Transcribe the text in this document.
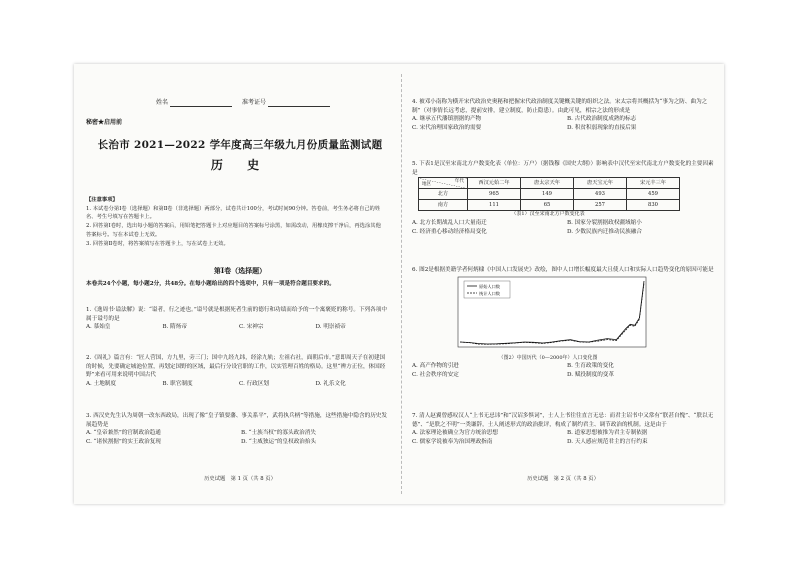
姓名	准考证号
秘密★启用前
长治市 2021—2022 学年度高三年级九月份质量监测试题
历 史

【注意事项】

1. 本试卷分第Ⅰ卷（选择题）和第Ⅱ卷（非选择题）两部分，试卷共计100分，考试时间90分钟。答卷前，考生务必将自己的姓名、考生号填写在答题卡上。

2. 回答第Ⅰ卷时，选出每小题的答案后，用铅笔把答题卡上对应题目的答案标号涂黑，如需改动，用橡皮擦干净后，再选涂其他答案标号。写在本试卷上无效。

3. 回答第Ⅱ卷时，将答案填写在答题卡上，写在试卷上无效。

第Ⅰ卷（选择题）
本卷共24个小题，每小题2分，共48分。在每小题给出的四个选项中，只有一项是符合题目要求的。

1.《逸周书·谥法解》说：“谥者，行之迹也。”谥号就是根据死者生前的德行和功绩而给予的一个寓褒贬的称号。下列各项中属于谥号的是

A. 慕始皇	B. 隋炀帝	C. 宋神宗	D. 明崇祯帝

2.《周礼》篇言有：“匠人营国，方九里，旁三门；国中九经九纬，经涂九轨；左祖右社，面朝后市。”意即周天子在初建国的时候，先要确定城池位置，再划定国野的区域，最后行分设官职的工作，以实管理百姓的格局。这里“辨方正位，体国经野”来看可用来说明中国古代

A. 土地制度	B. 职官制度	C. 行政区划	D. 礼乐文化

3. 西汉史先生认为周朝一改东西政局，出现了像“皇子镇要藩、事关系平”，武将执兵柄”等措施，这些措施中隐含的历史发展趋势是

A. “皇帝兼然”的官制政治趋通	B. “士族当权”的寡头政治消失
C. “诸侯割据”的实王政治复现	D. “主威独运”的皇权政治抬头
历史试题　第 1 页（共 8 页）

4. 被邓小南称为横开宋代政治史奥秘和把握宋代政治制度关键概关键的组织之法。宋太宗将其概括为“事为之防、曲为之制”（对事情长远考虑，提前安排，建立制度，防止隐患）。由此可见，相宗之法的形成是

A. 继承五代藩镇割据的产物	B. 古代政治制度成熟的标志
C. 宋代治理国家政治的需要	D. 积贫积弱现象的直接后果

5. 下表1是汉至宋南北方户数变化表（单位：万户）（据钱穆《国史大纲》）影响表中汉代至宋代南北方户数变化的主要因素是

年代
地区	西汉元始二年	唐太宗天年	唐天宝元年	宋元丰三年
北方	965	149	493	459
南方	111	65	257	830
（表1）汉至宋南北方户数变化表
A. 北方长期战乱人口大量南迁	B. 国家分裂割据政权疆域缩小
C. 经济重心移动经济格局变化	D. 少数民族内迁推动民族融合

6. 图2是根据美籍学者何炳棣《中国人口发展史》改绘，图中人口增长幅度最大且使人口和实际人口趋势变化的原因可能是

原始人口数
统计人口数
（图2）中国历代（0—2000年）人口变化图
A. 高产作物的引进	B. 生育政策的变化
C. 社会秩序的安定	D. 赋役制度的变革

7. 清人赵翼曾感叹汉人“上书无忌讳”和“汉诏多惧词”，士人上书往往直言无忌：而君主诏书中又常有“朕甚自愧”、“朕以无德”、“是朕之不明”一类谦辞，士人阐述形式的政治批评，构成了制约君主、调节政治的机制。这是由于

A. 法家理论被确立为官方统治思想	B. 道家思想被推为君主专制依据
C. 儒家学说被奉为治国理政指南	D. 天人感应规范君主的言行约束
历史试题　第 2 页（共 8 页）
